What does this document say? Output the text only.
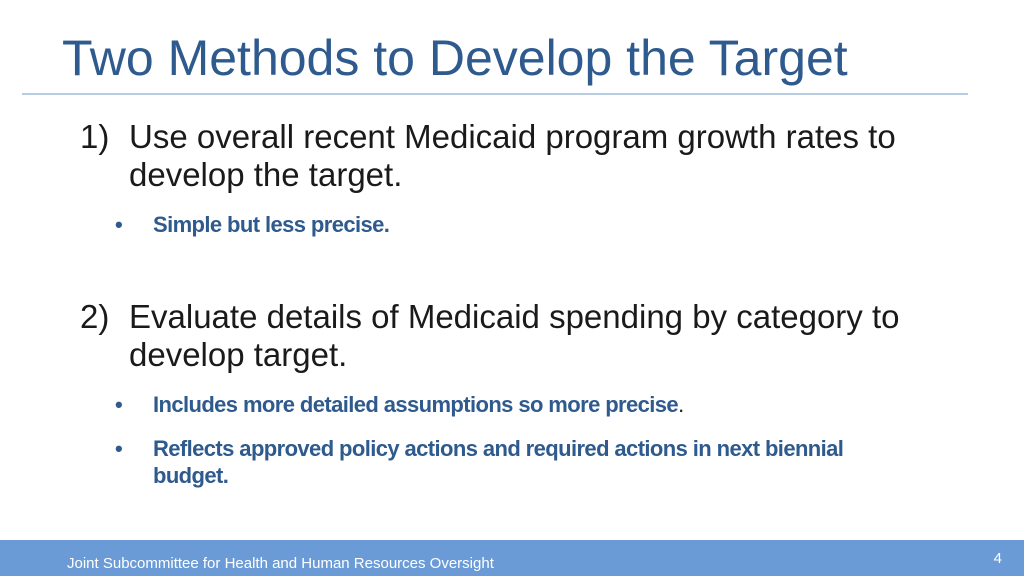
Two Methods to Develop the Target
1) Use overall recent Medicaid program growth rates to develop the target.
• Simple but less precise.
2) Evaluate details of Medicaid spending by category to develop target.
• Includes more detailed assumptions so more precise.
• Reflects approved policy actions and required actions in next biennial budget.
Joint Subcommittee for Health and Human Resources Oversight	4
